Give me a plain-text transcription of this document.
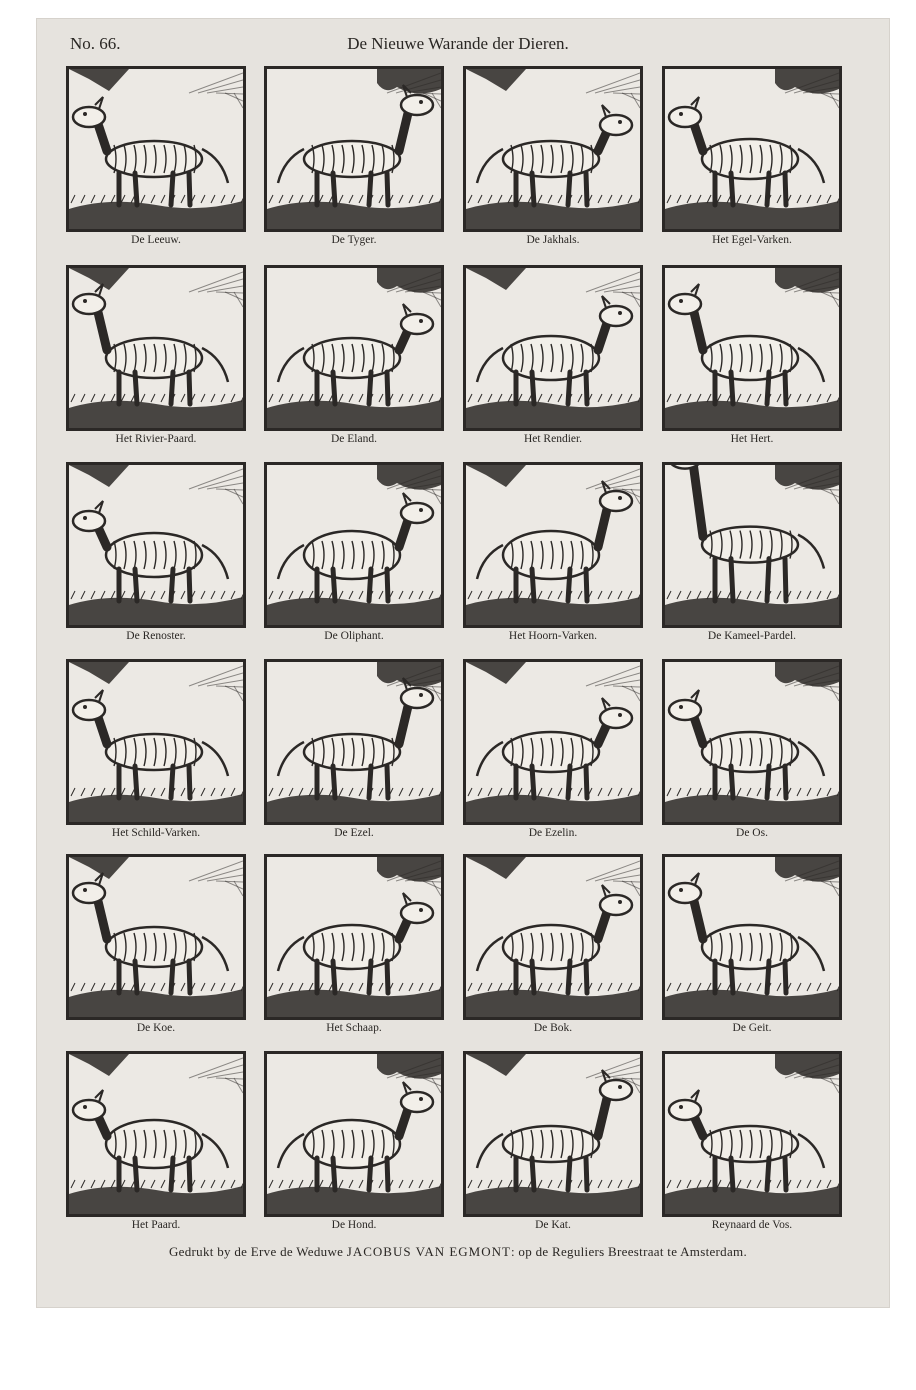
No. 66.	De Nieuwe Warande der Dieren.
De Leeuw.	De Tyger.	De Jakhals.	Het Egel-Varken.
Het Rivier-Paard.	De Eland.	Het Rendier.	Het Hert.
De Renoster.	De Oliphant.	Het Hoorn-Varken.	De Kameel-Pardel.
Het Schild-Varken.	De Ezel.	De Ezelin.	De Os.
De Koe.	Het Schaap.	De Bok.	De Geit.
Het Paard.	De Hond.	De Kat.	Reynaard de Vos.
Gedrukt by de Erve de Weduwe JACOBUS VAN EGMONT: op de Reguliers Breestraat te Amsterdam.
